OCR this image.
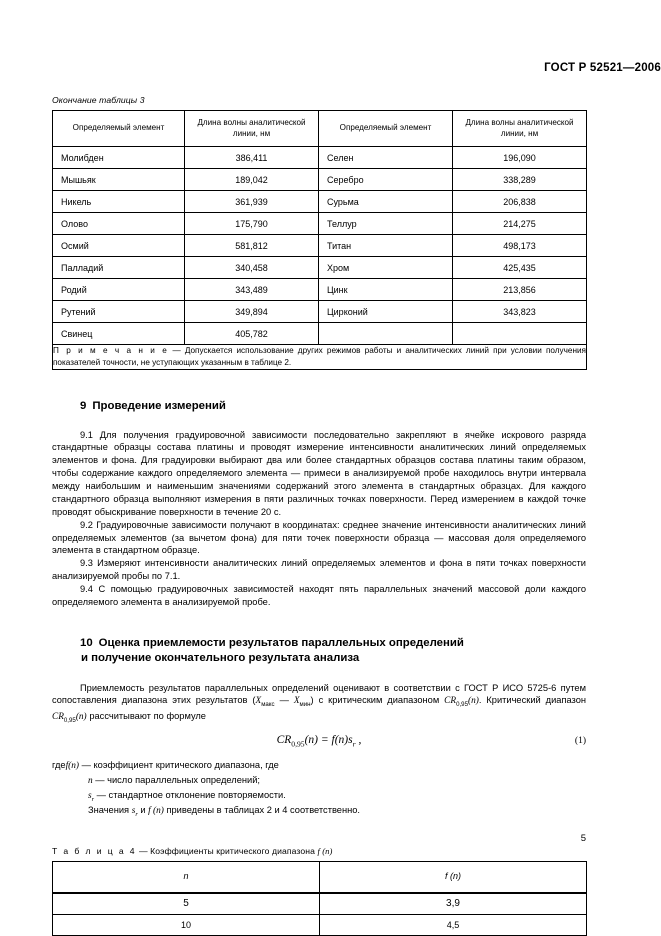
ГОСТ Р 52521—2006
Окончание таблицы 3
Определяемый элемент	Длина волны аналитической линии, нм	Определяемый элемент	Длина волны аналитической линии, нм
Молибден	386,411	Селен	196,090
Мышьяк	189,042	Серебро	338,289
Никель	361,939	Сурьма	206,838
Олово	175,790	Теллур	214,275
Осмий	581,812	Титан	498,173
Палладий	340,458	Хром	425,435
Родий	343,489	Цинк	213,856
Рутений	349,894	Цирконий	343,823
Свинец	405,782		
П р и м е ч а н и е — Допускается использование других режимов работы и аналитических линий при условии получения показателей точности, не уступающих указанным в таблице 2.			
9 Проведение измерений

9.1 Для получения градуировочной зависимости последовательно закрепляют в ячейке искрового разряда стандартные образцы состава платины и проводят измерение интенсивности аналитических линий определяемых элементов и фона. Для градуировки выбирают два или более стандартных образцов состава платины таким образом, чтобы содержание каждого определяемого элемента — примеси в анализируемой пробе находилось внутри интервала между наибольшим и наименьшим значениями содержаний этого элемента в стандартных образцах. Для каждого стандартного образца выполняют измерения в пяти различных точках поверхности. Перед измерением в каждой точке проводят обыскривание поверхности в течение 20 с.

9.2 Градуировочные зависимости получают в координатах: среднее значение интенсивности аналитических линий определяемых элементов (за вычетом фона) для пяти точек поверхности образца — массовая доля определяемого элемента в стандартном образце.

9.3 Измеряют интенсивности аналитических линий определяемых элементов и фона в пяти точках поверхности анализируемой пробы по 7.1.

9.4 С помощью градуировочных зависимостей находят пять параллельных значений массовой доли каждого определяемого элемента в анализируемой пробе.

10 Оценка приемлемости результатов параллельных определений
и получение окончательного результата анализа

Приемлемость результатов параллельных определений оценивают в соответствии с ГОСТ Р ИСО 5725-6 путем сопоставления диапазона этих результатов ($X_{макс}$ — $X_{мин}$) с критическим диапазоном $CR_{0,95}(n)$. Критический диапазон $CR_{0,95}(n)$ рассчитывают по формуле

$CR_{0,95}(n) = f(n)s_r$ ,	(1)
гдеf(n) — коэффициент критического диапазона, где
n — число параллельных определений;
$s_r$ — стандартное отклонение повторяемости.
Значения $s_r$ и f (n) приведены в таблицах 2 и 4 соответственно.
Т а б л и ц а 4 — Коэффициенты критического диапазона f (n)
n	f (n)
5	3,9
10	4,5
5
